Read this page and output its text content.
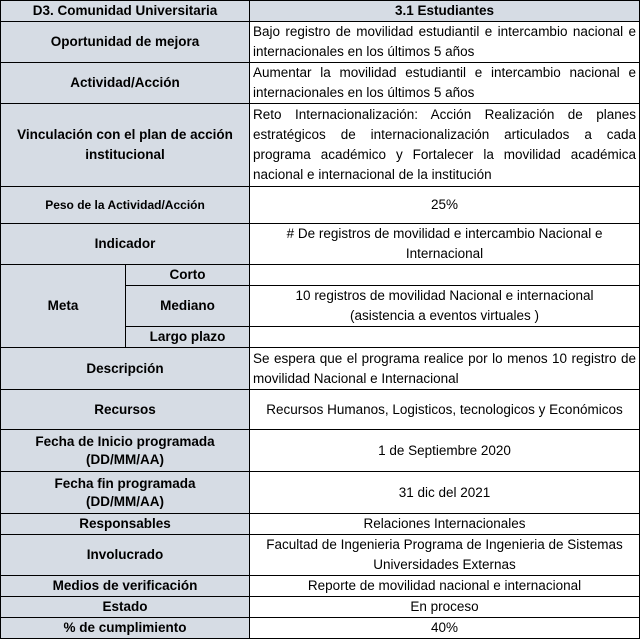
D3. Comunidad Universitaria		3.1 Estudiantes
Oportunidad de mejora		Bajo registro de movilidad estudiantil e intercambio nacional e internacionales en los últimos 5 años
Actividad/Acción		Aumentar la movilidad estudiantil e intercambio nacional e internacionales en los últimos 5 años
Vinculación con el plan de acción institucional		Reto Internacionalización: Acción Realización de planes estratégicos de internacionalización articulados a cada programa académico y Fortalecer la movilidad académica nacional e internacional de la institución
Peso de la Actividad/Acción		25%
Indicador		# De registros de movilidad e intercambio Nacional e Internacional
Meta	Corto	
	Mediano	10 registros de movilidad Nacional e internacional
(asistencia a eventos virtuales )

	Largo plazo	
Descripción		Se espera que el programa realice por lo menos 10 registro de movilidad Nacional e Internacional
Recursos		Recursos Humanos, Logisticos, tecnologicos y Económicos

Fecha de Inicio programada
(DD/MM/AA)		1 de Septiembre 2020

Fecha fin programada
(DD/MM/AA)		31 dic del 2021
Responsables		Relaciones Internacionales
Involucrado		Facultad de Ingenieria Programa de Ingenieria de Sistemas
Universidades Externas

Medios de verificación		Reporte de movilidad nacional e internacional
Estado		En proceso
% de cumplimiento		40%
